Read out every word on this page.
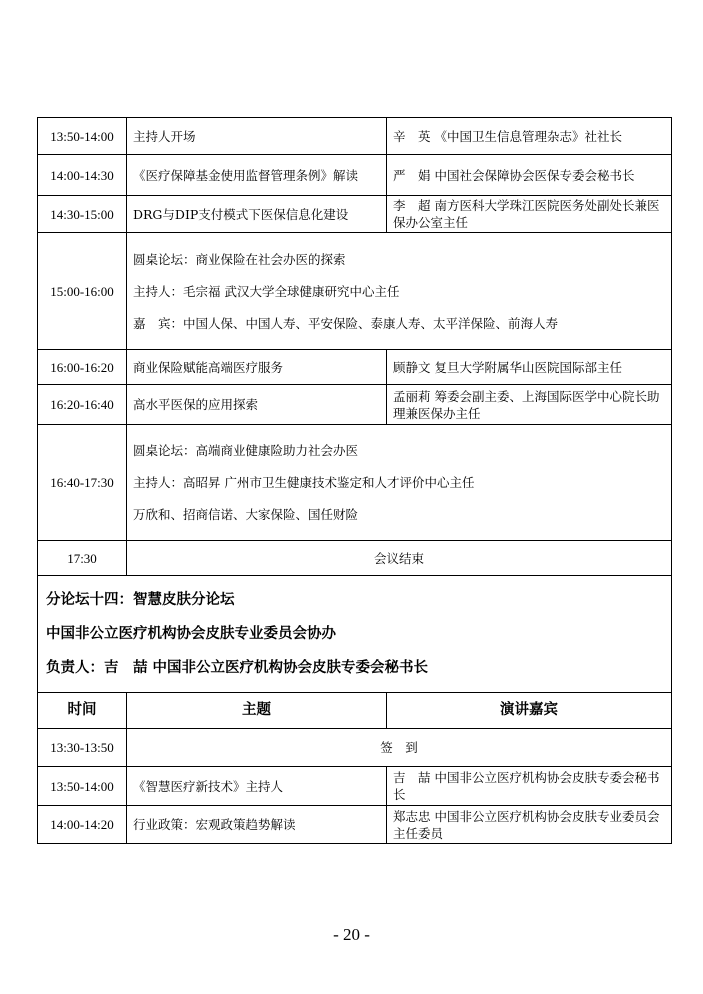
13:50-14:00	主持人开场	辛　英 《中国卫生信息管理杂志》社社长
14:00-14:30	《医疗保障基金使用监督管理条例》解读	严　娟 中国社会保障协会医保专委会秘书长
14:30-15:00	DRG与DIP支付模式下医保信息化建设	李　超 南方医科大学珠江医院医务处副处长兼医保办公室主任
15:00-16:00	圆桌论坛：商业保险在社会办医的探索

主持人：毛宗福 武汉大学全球健康研究中心主任

嘉　宾：中国人保、中国人寿、平安保险、泰康人寿、太平洋保险、前海人寿	

16:00-16:20	商业保险赋能高端医疗服务	顾静文 复旦大学附属华山医院国际部主任
16:20-16:40	高水平医保的应用探索	孟丽莉 筹委会副主委、上海国际医学中心院长助理兼医保办主任
16:40-17:30	圆桌论坛：高端商业健康险助力社会办医

主持人：高昭昇 广州市卫生健康技术鉴定和人才评价中心主任

万欣和、招商信诺、大家保险、国任财险	

17:30	会议结束	

分论坛十四：智慧皮肤分论坛

中国非公立医疗机构协会皮肤专业委员会协办

负责人：吉　喆 中国非公立医疗机构协会皮肤专委会秘书长		

时间	主题	演讲嘉宾
13:30-13:50	签　到	
13:50-14:00	《智慧医疗新技术》主持人	吉　喆 中国非公立医疗机构协会皮肤专委会秘书长
14:00-14:20	行业政策：宏观政策趋势解读	郑志忠 中国非公立医疗机构协会皮肤专业委员会主任委员
- 20 -
